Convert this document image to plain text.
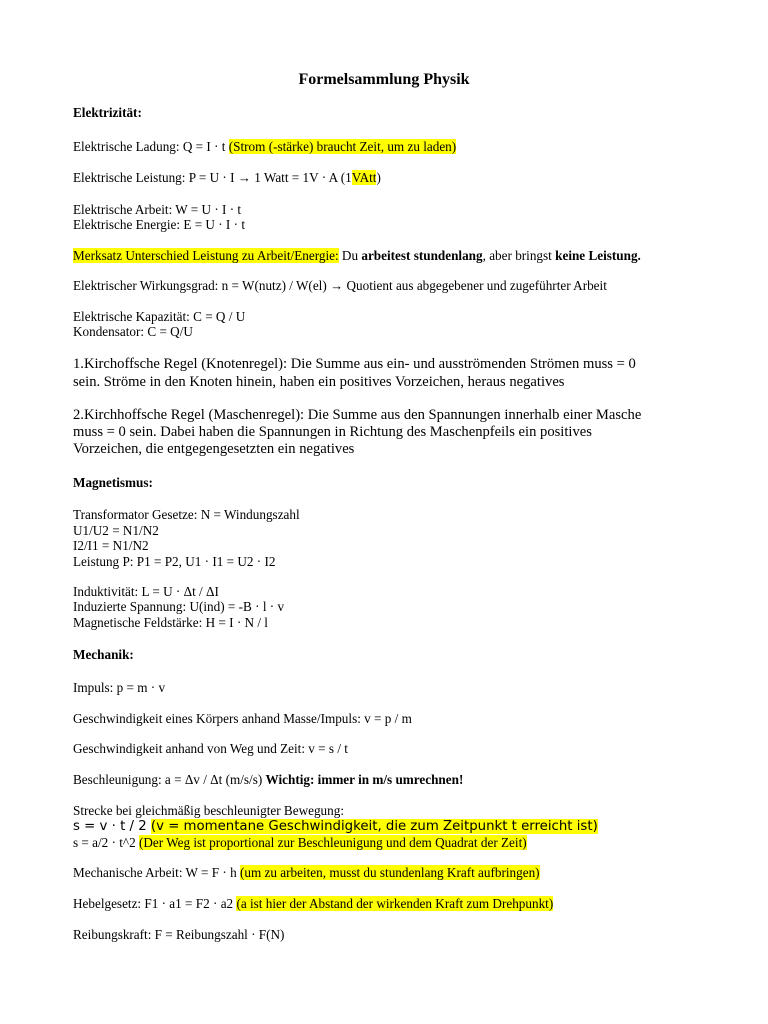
Formelsammlung Physik
Elektrizität:
Elektrische Ladung: Q = I · t (Strom (-stärke) braucht Zeit, um zu laden)
Elektrische Leistung: P = U · I → 1 Watt = 1V · A (1VAtt)
Elektrische Arbeit: W = U · I · t
Elektrische Energie: E = U · I · t
Merksatz Unterschied Leistung zu Arbeit/Energie: Du arbeitest stundenlang, aber bringst keine Leistung.
Elektrischer Wirkungsgrad: n = W(nutz) / W(el) → Quotient aus abgegebener und zugeführter Arbeit
Elektrische Kapazität: C = Q / U
Kondensator: C = Q/U
1.Kirchoffsche Regel (Knotenregel): Die Summe aus ein- und ausströmenden Strömen muss = 0
sein. Ströme in den Knoten hinein, haben ein positives Vorzeichen, heraus negatives
2.Kirchhoffsche Regel (Maschenregel): Die Summe aus den Spannungen innerhalb einer Masche
muss = 0 sein. Dabei haben die Spannungen in Richtung des Maschenpfeils ein positives
Vorzeichen, die entgegengesetzten ein negatives
Magnetismus:
Transformator Gesetze: N = Windungszahl
U1/U2 = N1/N2
I2/I1 = N1/N2
Leistung P: P1 = P2, U1 · I1 = U2 · I2
Induktivität: L = U · Δt / ΔI
Induzierte Spannung: U(ind) = -B · l · v
Magnetische Feldstärke: H = I · N / l
Mechanik:
Impuls: p = m · v
Geschwindigkeit eines Körpers anhand Masse/Impuls: v = p / m
Geschwindigkeit anhand von Weg und Zeit: v = s / t
Beschleunigung: a = Δv / Δt (m/s/s) Wichtig: immer in m/s umrechnen!
Strecke bei gleichmäßig beschleunigter Bewegung:
s = v · t / 2 (v = momentane Geschwindigkeit, die zum Zeitpunkt t erreicht ist)
s = a/2 · t^2 (Der Weg ist proportional zur Beschleunigung und dem Quadrat der Zeit)
Mechanische Arbeit: W = F · h (um zu arbeiten, musst du stundenlang Kraft aufbringen)
Hebelgesetz: F1 · a1 = F2 · a2 (a ist hier der Abstand der wirkenden Kraft zum Drehpunkt)
Reibungskraft: F = Reibungszahl · F(N)
